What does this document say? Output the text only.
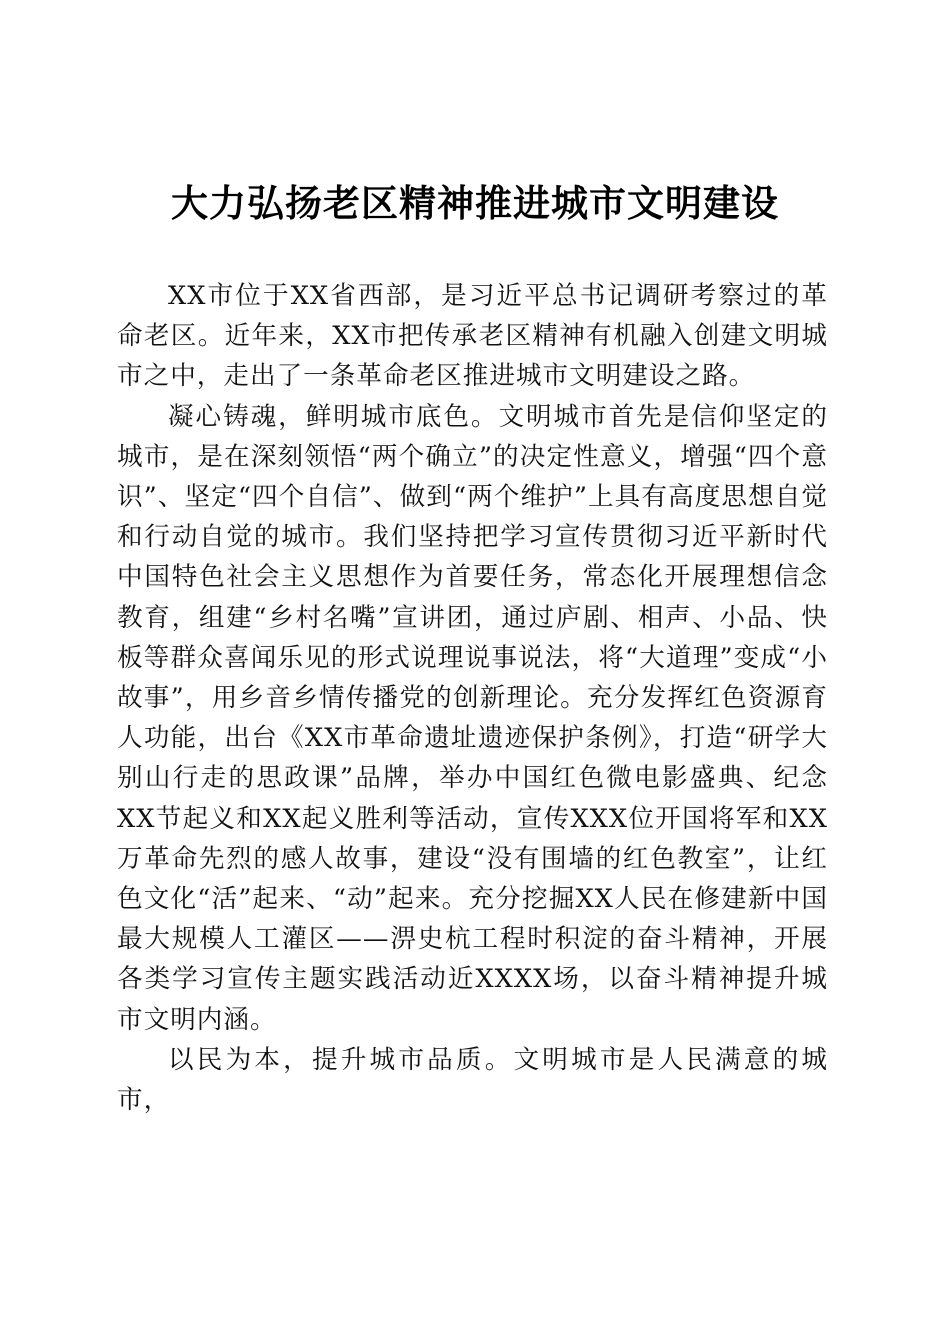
大力弘扬老区精神推进城市文明建设

XX市位于XX省西部，是习近平总书记调研考察过的革命老区。近年来，XX市把传承老区精神有机融入创建文明城市之中，走出了一条革命老区推进城市文明建设之路。

凝心铸魂，鲜明城市底色。文明城市首先是信仰坚定的城市，是在深刻领悟“两个确立”的决定性意义，增强“四个意识”、坚定“四个自信”、做到“两个维护”上具有高度思想自觉和行动自觉的城市。我们坚持把学习宣传贯彻习近平新时代中国特色社会主义思想作为首要任务，常态化开展理想信念教育，组建“乡村名嘴”宣讲团，通过庐剧、相声、小品、快板等群众喜闻乐见的形式说理说事说法，将“大道理”变成“小故事”，用乡音乡情传播党的创新理论。充分发挥红色资源育人功能，出台《XX市革命遗址遗迹保护条例》，打造“研学大别山行走的思政课”品牌，举办中国红色微电影盛典、纪念XX节起义和XX起义胜利等活动，宣传XXX位开国将军和XX万革命先烈的感人故事，建设“没有围墙的红色教室”，让红色文化“活”起来、“动”起来。充分挖掘XX人民在修建新中国最大规模人工灌区——淠史杭工程时积淀的奋斗精神，开展各类学习宣传主题实践活动近XXXX场，以奋斗精神提升城市文明内涵。

以民为本，提升城市品质。文明城市是人民满意的城市，
